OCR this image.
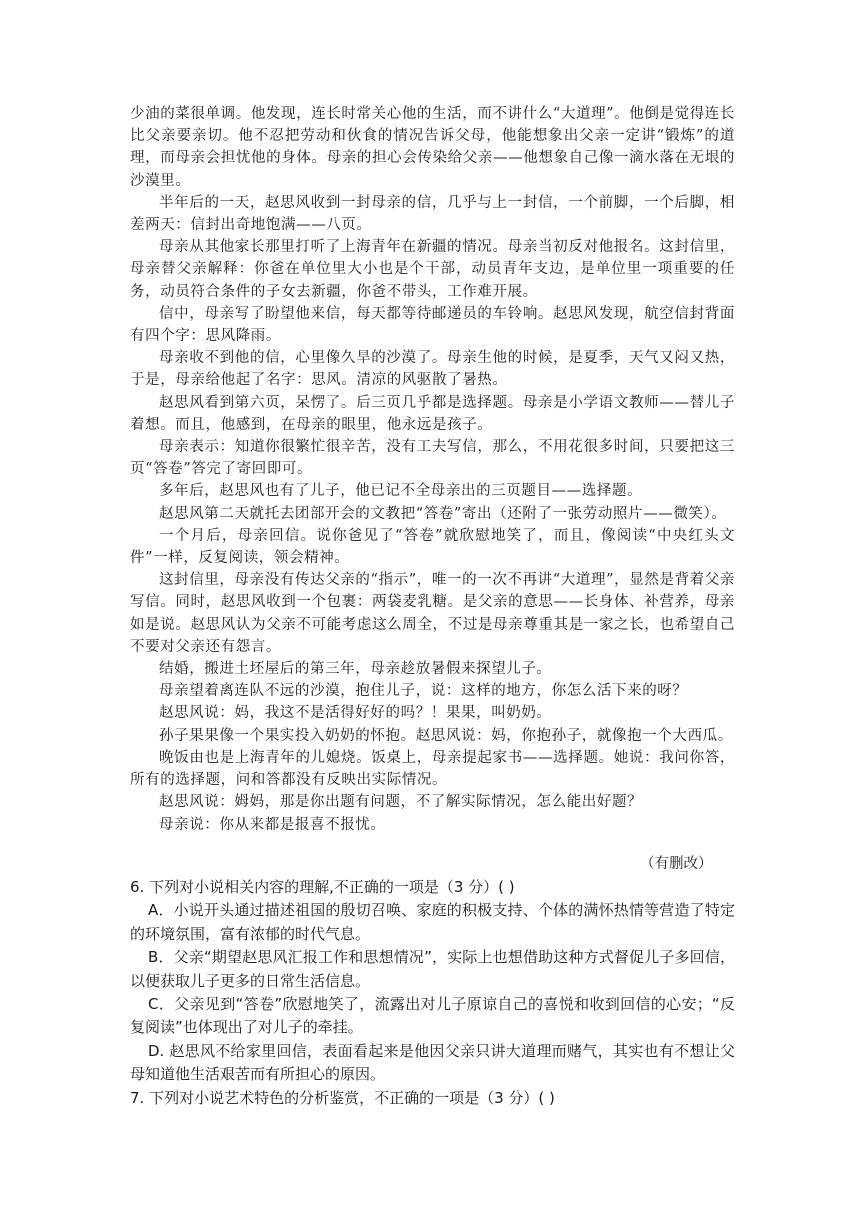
少油的菜很单调。他发现，连长时常关心他的生活，而不讲什么“大道理”。他倒是觉得连长比父亲要亲切。他不忍把劳动和伙食的情况告诉父母，他能想象出父亲一定讲“锻炼”的道理，而母亲会担忧他的身体。母亲的担心会传染给父亲——他想象自己像一滴水落在无垠的沙漠里。

半年后的一天，赵思风收到一封母亲的信，几乎与上一封信，一个前脚，一个后脚，相差两天：信封出奇地饱满——八页。

母亲从其他家长那里打听了上海青年在新疆的情况。母亲当初反对他报名。这封信里，母亲替父亲解释：你爸在单位里大小也是个干部，动员青年支边，是单位里一项重要的任务，动员符合条件的子女去新疆，你爸不带头，工作难开展。

信中，母亲写了盼望他来信，每天都等待邮递员的车铃响。赵思风发现，航空信封背面有四个字：思风降雨。

母亲收不到他的信，心里像久旱的沙漠了。母亲生他的时候，是夏季，天气又闷又热，于是，母亲给他起了名字：思风。清凉的风驱散了暑热。

赵思风看到第六页，呆愣了。后三页几乎都是选择题。母亲是小学语文教师——替儿子着想。而且，他感到，在母亲的眼里，他永远是孩子。

母亲表示：知道你很繁忙很辛苦，没有工夫写信，那么，不用花很多时间，只要把这三页“答卷”答完了寄回即可。

多年后，赵思风也有了儿子，他已记不全母亲出的三页题目——选择题。

赵思风第二天就托去团部开会的文教把“答卷”寄出（还附了一张劳动照片——微笑）。

一个月后，母亲回信。说你爸见了“答卷”就欣慰地笑了，而且，像阅读“中央红头文件”一样，反复阅读，领会精神。

这封信里，母亲没有传达父亲的“指示”，唯一的一次不再讲“大道理”，显然是背着父亲写信。同时，赵思风收到一个包裹：两袋麦乳糖。是父亲的意思——长身体、补营养，母亲如是说。赵思风认为父亲不可能考虑这么周全，不过是母亲尊重其是一家之长，也希望自己不要对父亲还有怨言。

结婚，搬进土坯屋后的第三年，母亲趁放暑假来探望儿子。

母亲望着离连队不远的沙漠，抱住儿子，说：这样的地方，你怎么活下来的呀？

赵思风说：妈，我这不是活得好好的吗？！果果，叫奶奶。

孙子果果像一个果实投入奶奶的怀抱。赵思风说：妈，你抱孙子，就像抱一个大西瓜。

晚饭由也是上海青年的儿媳烧。饭桌上，母亲提起家书——选择题。她说：我问你答，所有的选择题，问和答都没有反映出实际情况。

赵思风说：姆妈，那是你出题有问题，不了解实际情况，怎么能出好题？

母亲说：你从来都是报喜不报忧。

（有删改）

6. 下列对小说相关内容的理解,不正确的一项是（3 分）( )

A．小说开头通过描述祖国的殷切召唤、家庭的积极支持、个体的满怀热情等营造了特定的环境氛围，富有浓郁的时代气息。

B．父亲“期望赵思风汇报工作和思想情况”，实际上也想借助这种方式督促儿子多回信，以便获取儿子更多的日常生活信息。

C．父亲见到“答卷”欣慰地笑了，流露出对儿子原谅自己的喜悦和收到回信的心安；“反复阅读”也体现出了对儿子的牵挂。

D. 赵思风不给家里回信，表面看起来是他因父亲只讲大道理而赌气，其实也有不想让父母知道他生活艰苦而有所担心的原因。

7. 下列对小说艺术特色的分析鉴赏，不正确的一项是（3 分）( )
